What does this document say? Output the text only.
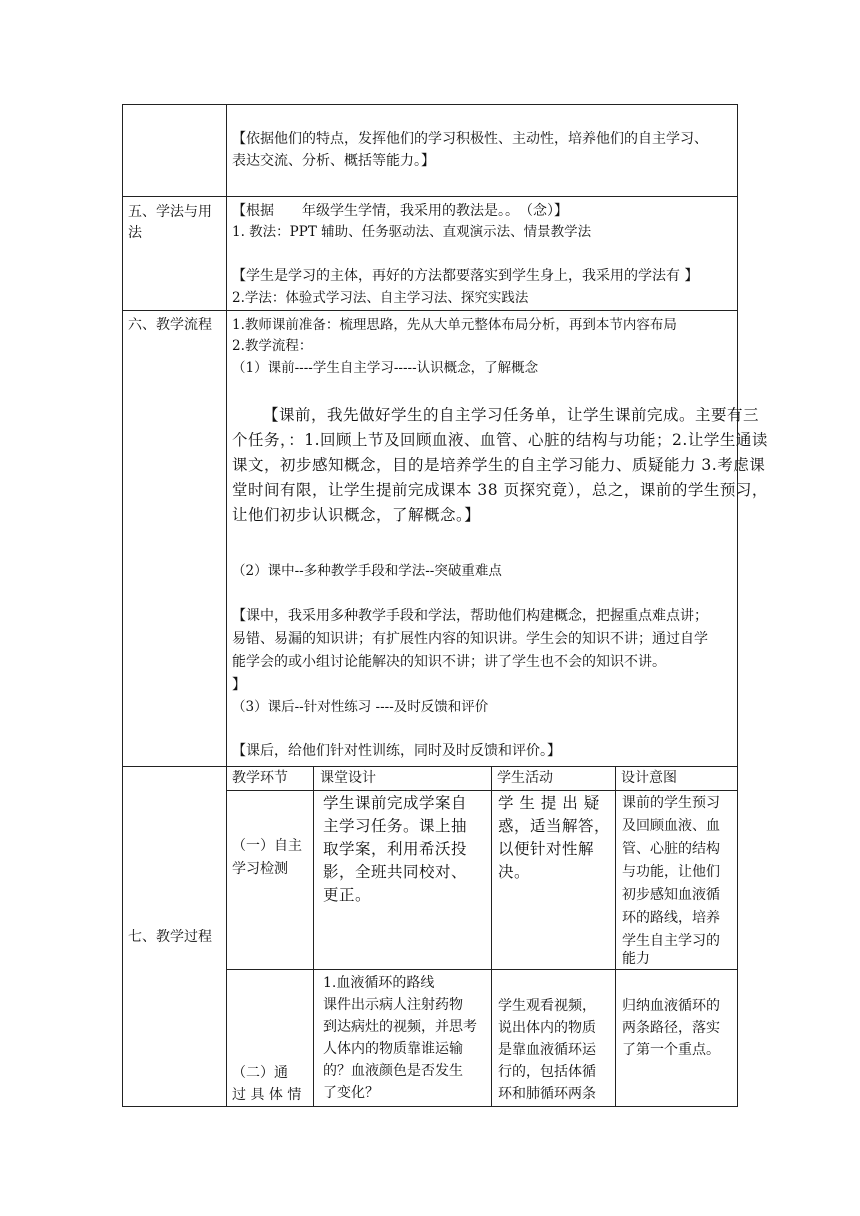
【依据他们的特点，发挥他们的学习积极性、主动性，培养他们的自主学习、
表达交流、分析、概括等能力。】
五、学法与用
法
【根据　　年级学生学情，我采用的教法是。。　（念）】
1. 教法：PPT 辅助、任务驱动法、直观演示法、情景教学法
【学生是学习的主体，再好的方法都要落实到学生身上，我采用的学法有 】
2.学法：体验式学习法、自主学习法、探究实践法
六、教学流程 1.教师课前准备：梳理思路，先从大单元整体布局分析，再到本节内容布局
2.教学流程：
（1）课前----学生自主学习-----认识概念，了解概念
【课前，我先做好学生的自主学习任务单，让学生课前完成。主要有三
个任务，：1.回顾上节及回顾血液、血管、心脏的结构与功能；2.让学生通读
课文，初步感知概念，目的是培养学生的自主学习能力、质疑能力 3.考虑课
堂时间有限，让学生提前完成课本 38 页探究竟），总之，课前的学生预习，
让他们初步认识概念，了解概念。】
（2）课中--多种教学手段和学法--突破重难点
【课中，我采用多种教学手段和学法，帮助他们构建概念，把握重点难点讲；
易错、易漏的知识讲；有扩展性内容的知识讲。学生会的知识不讲；通过自学
能学会的或小组讨论能解决的知识不讲；讲了学生也不会的知识不讲。
】
（3）课后--针对性练习 ----及时反馈和评价
【课后，给他们针对性训练，同时及时反馈和评价。】
七、教学过程
教学环节 课堂设计	学生活动	设计意图
（一）自主
学习检测
学生课前完成学案自
主学习任务。课上抽
取学案，利用希沃投
影，全班共同校对、
更正。
学 生 提 出 疑
惑，适当解答，
以便针对性解
决。
课前的学生预习
及回顾血液、血
管、心脏的结构
与功能，让他们
初步感知血液循
环的路线，培养
学生自主学习的
能力
（二）通
过 具 体 情
1.血液循环的路线
课件出示病人注射药物
到达病灶的视频，并思考
人体内的物质靠谁运输
的？血液颜色是否发生
了变化？
学生观看视频，
说出体内的物质
是靠血液循环运
行的，包括体循
环和肺循环两条
归纳血液循环的
两条路径，落实
了第一个重点。
